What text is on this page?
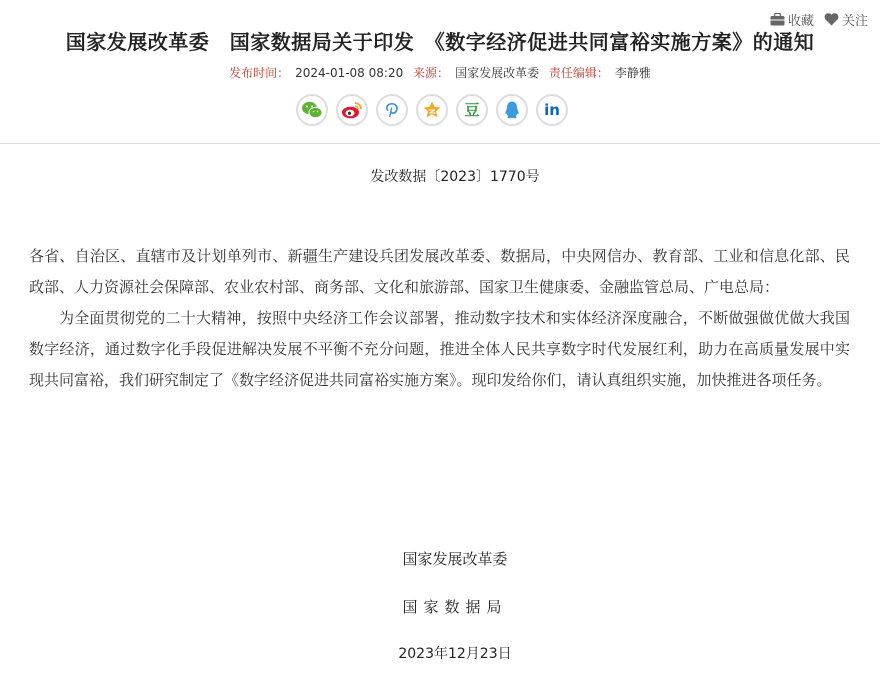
收藏 关注
国家发展改革委　国家数据局关于印发　《数字经济促进共同富裕实施方案》的通知
发布时间： 2024-01-08 08:20 来源： 国家发展改革委 责任编辑： 李静雅
豆	in
发改数据〔2023〕1770号

各省、自治区、直辖市及计划单列市、新疆生产建设兵团发展改革委、数据局，中央网信办、教育部、工业和信息化部、民政部、人力资源社会保障部、农业农村部、商务部、文化和旅游部、国家卫生健康委、金融监管总局、广电总局：

为全面贯彻党的二十大精神，按照中央经济工作会议部署，推动数字技术和实体经济深度融合，不断做强做优做大我国数字经济，通过数字化手段促进解决发展不平衡不充分问题，推进全体人民共享数字时代发展红利，助力在高质量发展中实现共同富裕，我们研究制定了《数字经济促进共同富裕实施方案》。现印发给你们，请认真组织实施，加快推进各项任务。

国家发展改革委
国家数据局
2023年12月23日
